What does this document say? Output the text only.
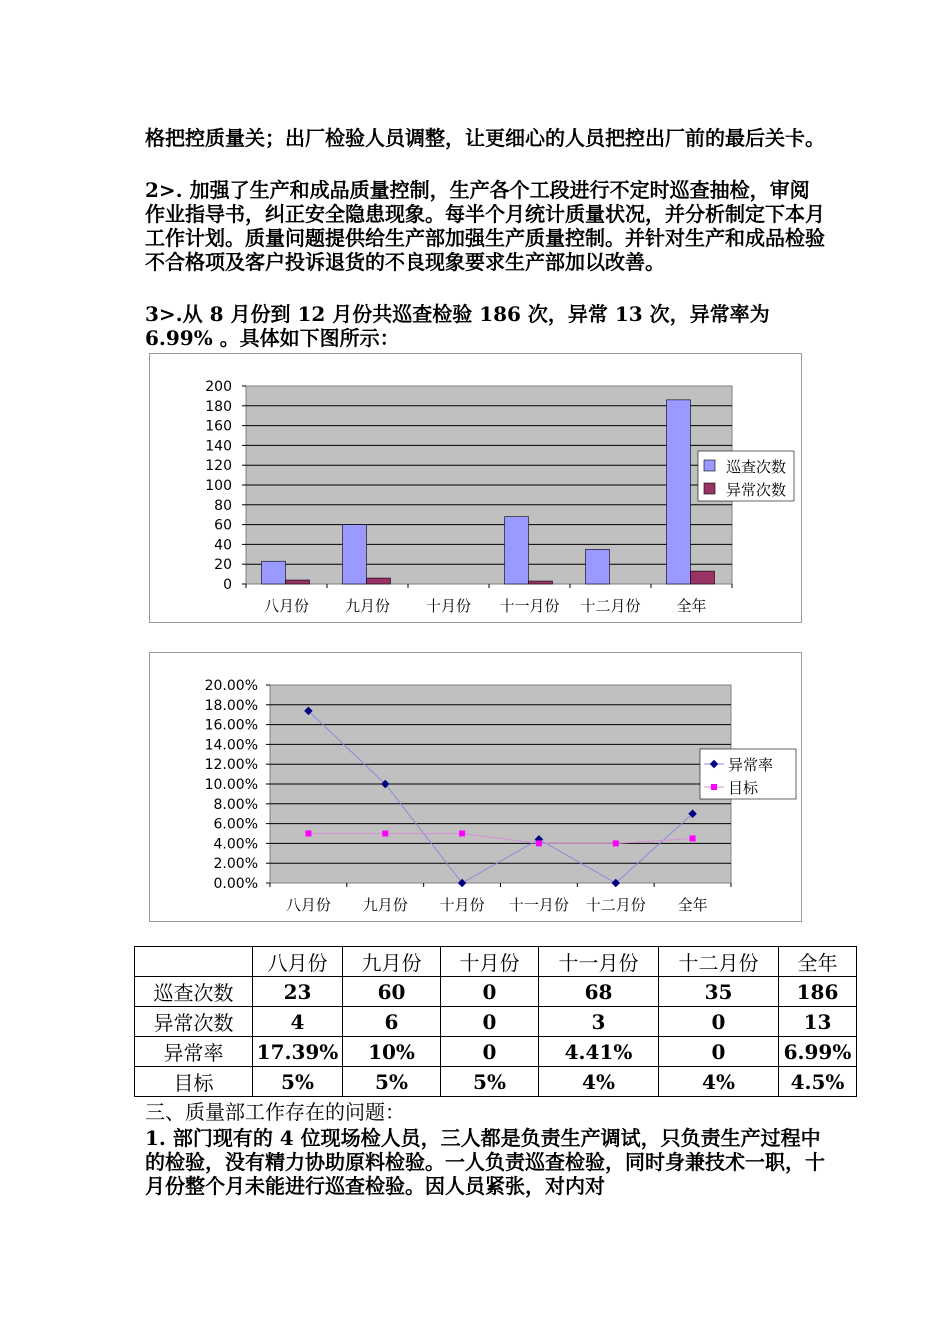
格把控质量关；出厂检验人员调整，让更细心的人员把控出厂前的最后关卡。
2>. 加强了生产和成品质量控制，生产各个工段进行不定时巡查抽检，审阅作业指导书，纠正安全隐患现象。每半个月统计质量状况，并分析制定下本月工作计划。质量问题提供给生产部加强生产质量控制。并针对生产和成品检验不合格项及客户投诉退货的不良现象要求生产部加以改善。
3>.从 8 月份到 12 月份共巡查检验 186 次，异常 13 次，异常率为 6.99% 。具体如下图所示：
0
20
40
60
80
100
120
140
160
180
200
八月份 九月份 十月份 十一月份 十二月份 全年
巡查次数
异常次数
0.00%
2.00%
4.00%
6.00%
8.00%
10.00%
12.00%
14.00%
16.00%
18.00%
20.00%
八月份 九月份 十月份 十一月份 十二月份 全年
异常率
目标
	八月份	九月份	十月份	十一月份	十二月份	全年
巡查次数	23	60	0	68	35	186
异常次数	4	6	0	3	0	13
异常率	17.39%	10%	0	4.41%	0	6.99%
目标	5%	5%	5%	4%	4%	4.5%
三、质量部工作存在的问题：
1. 部门现有的 4 位现场检人员，三人都是负责生产调试，只负责生产过程中的检验，没有精力协助原料检验。一人负责巡查检验，同时身兼技术一职，十月份整个月未能进行巡查检验。因人员紧张，对内对
